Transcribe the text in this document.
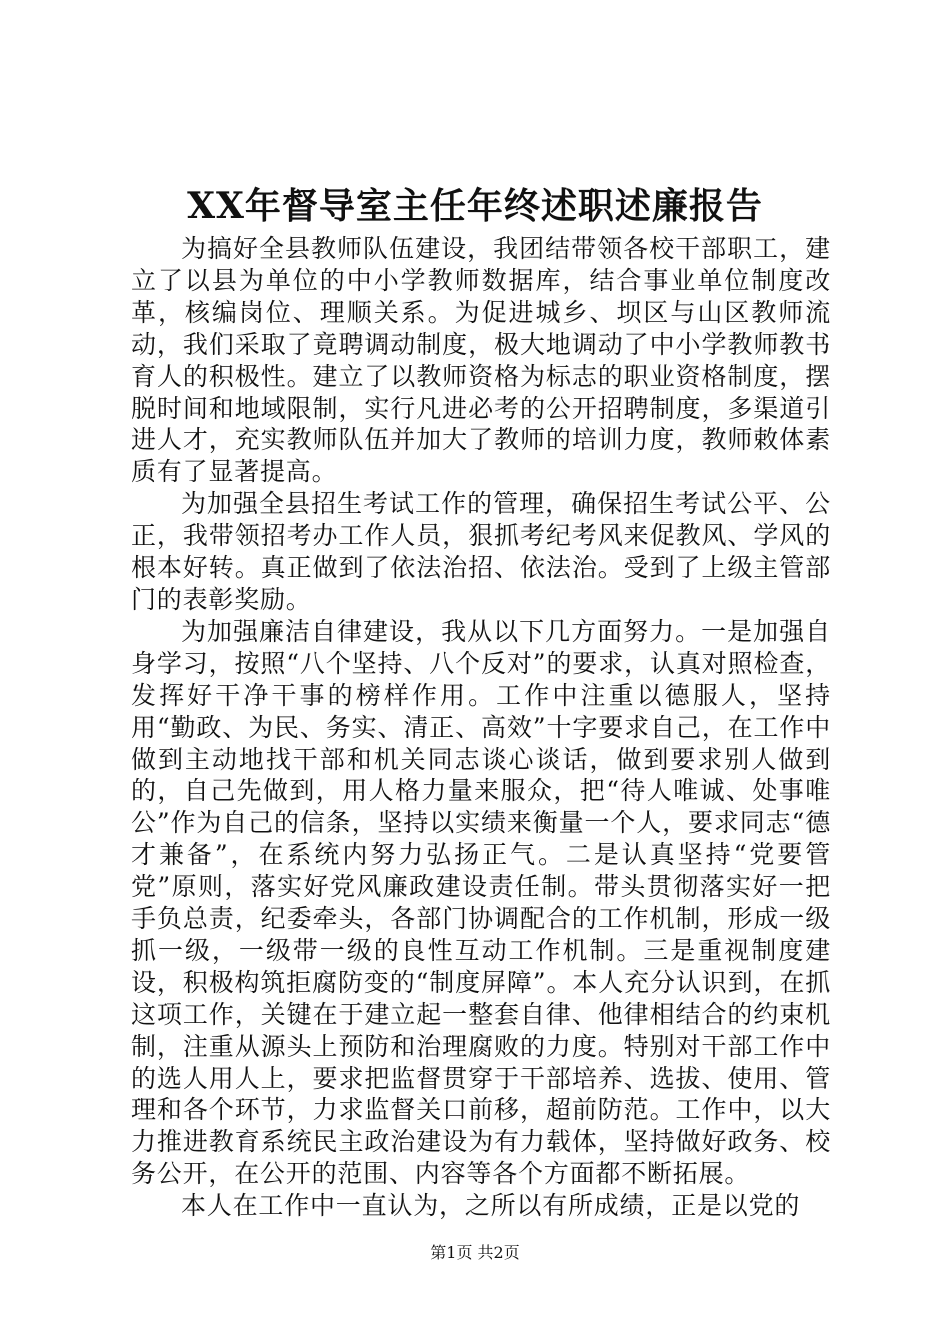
XX年督导室主任年终述职述廉报告

为搞好全县教师队伍建设，我团结带领各校干部职工，建立了以县为单位的中小学教师数据库，结合事业单位制度改革，核编岗位、理顺关系。为促进城乡、坝区与山区教师流动，我们采取了竟聘调动制度，极大地调动了中小学教师教书育人的积极性。建立了以教师资格为标志的职业资格制度，摆脱时间和地域限制，实行凡进必考的公开招聘制度，多渠道引进人才，充实教师队伍并加大了教师的培训力度，教师敕体素质有了显著提高。

为加强全县招生考试工作的管理，确保招生考试公平、公正，我带领招考办工作人员，狠抓考纪考风来促教风、学风的根本好转。真正做到了依法治招、依法治。受到了上级主管部门的表彰奖励。

为加强廉洁自律建设，我从以下几方面努力。一是加强自身学习，按照“八个坚持、八个反对”的要求，认真对照检查，发挥好干净干事的榜样作用。工作中注重以德服人，坚持用“勤政、为民、务实、清正、高效”十字要求自己，在工作中做到主动地找干部和机关同志谈心谈话，做到要求别人做到的，自己先做到，用人格力量来服众，把“待人唯诚、处事唯公”作为自己的信条，坚持以实绩来衡量一个人，要求同志“德才兼备”，在系统内努力弘扬正气。二是认真坚持“党要管党”原则，落实好党风廉政建设责任制。带头贯彻落实好一把手负总责，纪委牵头，各部门协调配合的工作机制，形成一级抓一级，一级带一级的良性互动工作机制。三是重视制度建设，积极构筑拒腐防变的“制度屏障”。本人充分认识到，在抓这项工作，关键在于建立起一整套自律、他律相结合的约束机制，注重从源头上预防和治理腐败的力度。特别对干部工作中的选人用人上，要求把监督贯穿于干部培养、选拔、使用、管理和各个环节，力求监督关口前移，超前防范。工作中，以大力推进教育系统民主政治建设为有力载体，坚持做好政务、校务公开，在公开的范围、内容等各个方面都不断拓展。

本人在工作中一直认为，之所以有所成绩，正是以党的

第1页 共2页
